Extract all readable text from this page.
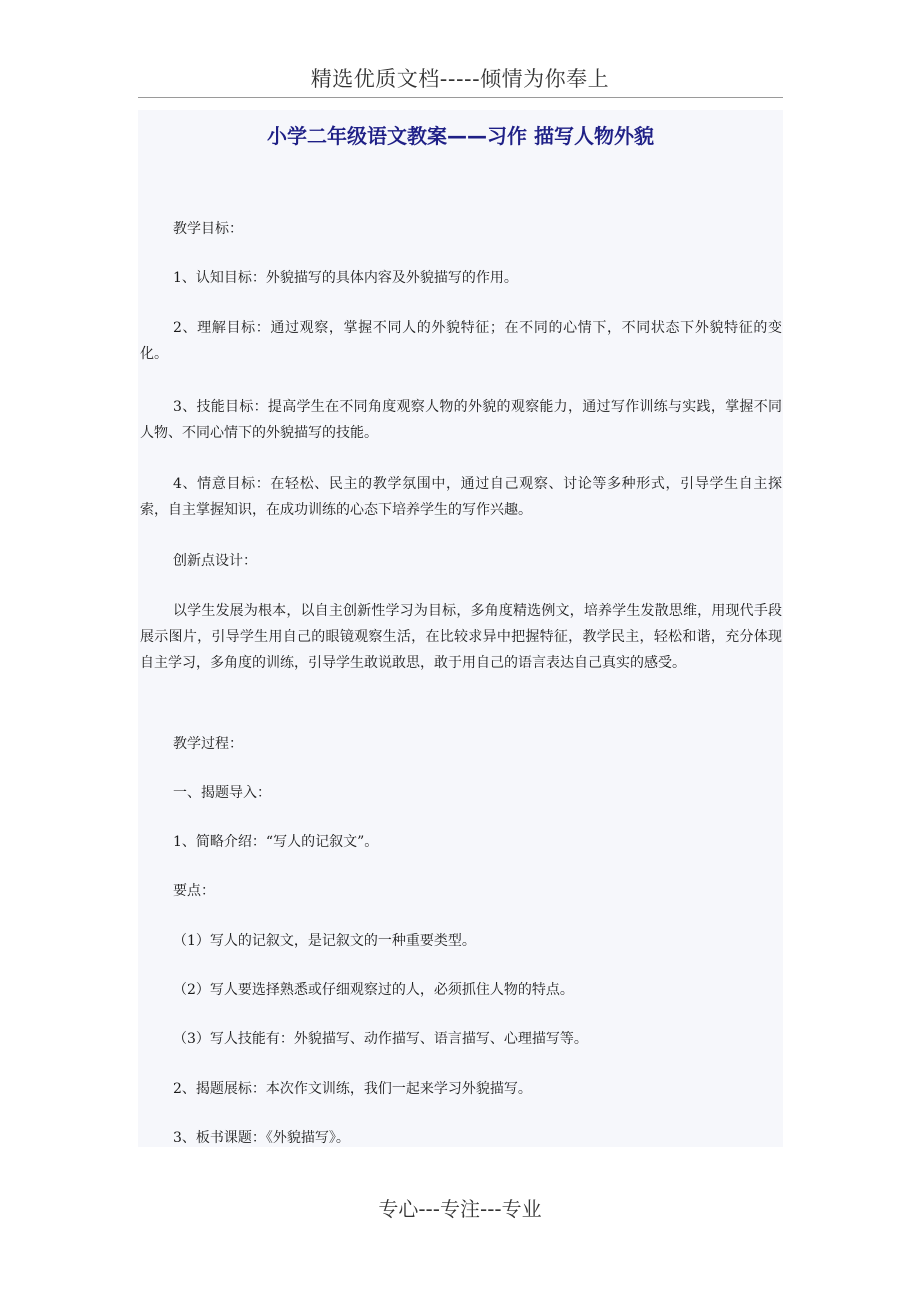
精选优质文档-----倾情为你奉上
小学二年级语文教案——习作 描写人物外貌

教学目标：

1、认知目标：外貌描写的具体内容及外貌描写的作用。

2、理解目标：通过观察，掌握不同人的外貌特征；在不同的心情下，不同状态下外貌特征的变化。

3、技能目标：提高学生在不同角度观察人物的外貌的观察能力，通过写作训练与实践，掌握不同人物、不同心情下的外貌描写的技能。

4、情意目标：在轻松、民主的教学氛围中，通过自己观察、讨论等多种形式，引导学生自主探索，自主掌握知识，在成功训练的心态下培养学生的写作兴趣。

创新点设计：

以学生发展为根本，以自主创新性学习为目标，多角度精选例文，培养学生发散思维，用现代手段展示图片，引导学生用自己的眼镜观察生活，在比较求异中把握特征，教学民主，轻松和谐，充分体现自主学习，多角度的训练，引导学生敢说敢思，敢于用自己的语言表达自己真实的感受。

教学过程：

一、揭题导入：

1、简略介绍：“写人的记叙文”。

要点：

（1）写人的记叙文，是记叙文的一种重要类型。

（2）写人要选择熟悉或仔细观察过的人，必须抓住人物的特点。

（3）写人技能有：外貌描写、动作描写、语言描写、心理描写等。

2、揭题展标：本次作文训练，我们一起来学习外貌描写。

3、板书课题：《外貌描写》。

专心---专注---专业
